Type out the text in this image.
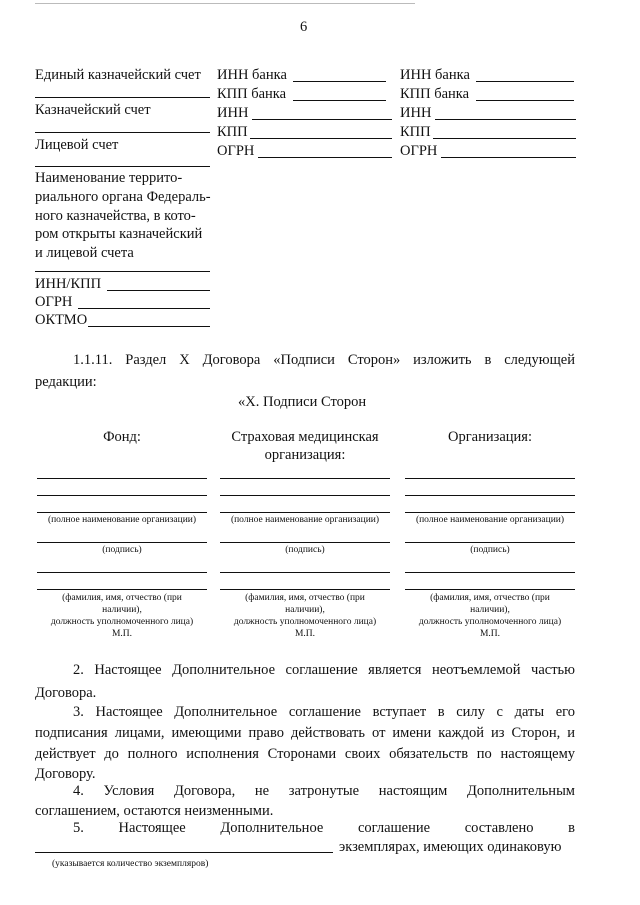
6
Единый казначейский счет
Казначейский счет
Лицевой счет
Наименование террито-
риального органа Федераль-
ного казначейства, в кото-
ром открыты казначейский
и лицевой счета
ИНН/КПП
ОГРН
ОКТМО
ИНН банка
КПП банка
ИНН
КПП
ОГРН
ИНН банка
КПП банка
ИНН
КПП
ОГРН
1.1.11. Раздел X Договора «Подписи Сторон» изложить в следующей
редакции:
«X. Подписи Сторон
Фонд:	Страховая медицинская
организация:
Организация:
(полное наименование организации)
(подпись)
(фамилия, имя, отчество (при
наличии),
должность уполномоченного лица)
М.П.
(полное наименование организации)
(подпись)
(фамилия, имя, отчество (при
наличии),
должность уполномоченного лица)
М.П.
(полное наименование организации)
(подпись)
(фамилия, имя, отчество (при
наличии),
должность уполномоченного лица)
М.П.
2. Настоящее Дополнительное соглашение является неотъемлемой частью
Договора.
3. Настоящее Дополнительное соглашение вступает в силу с даты его
подписания лицами, имеющими право действовать от имени каждой из Сторон, и
действует до полного исполнения Сторонами своих обязательств по настоящему
Договору.
4. Условия Договора, не затронутые настоящим Дополнительным
соглашением, остаются неизменными.
5. Настоящее Дополнительное соглашение составлено в
экземплярах, имеющих одинаковую
(указывается количество экземпляров)
